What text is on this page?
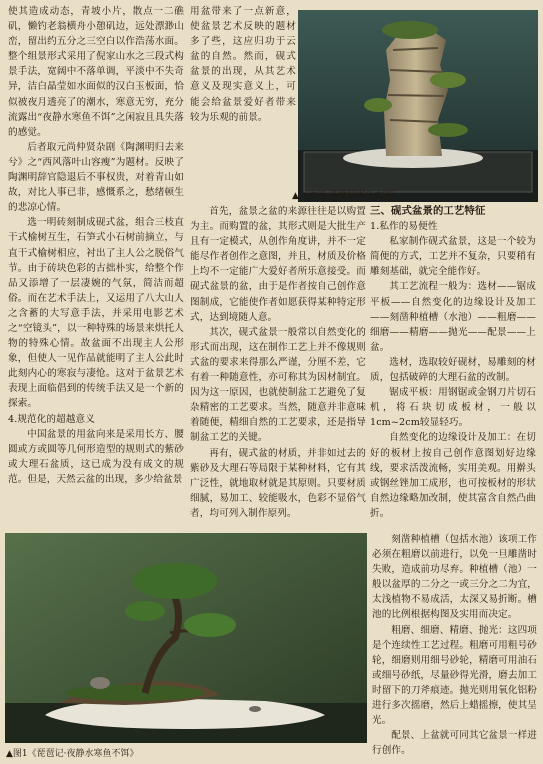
使其造成动态，青坡小片，散点一二礁矶，懒钓老翁横舟小憩矶边，远处漂渺山峦，留出约五分之三空白以作浩荡水面。整个组景形式采用了倪家山水之三段式构景手法，宽阔中不落单调，平淡中不失奇异，洁白晶莹如水面似的汉白玉板面，恰似被夜月透亮了的潮水，寒意无穷，充分流露出“夜静水寒鱼不饵”之闲寂且具失落的感觉。

后者取元尚仲贤杂剧《陶渊明归去来兮》之“西风落叶山容瘦”为题材。反映了陶渊明辞官隐退后不事权贵，对着青山如故，对比人事已非，感慨系之，愁绪顿生的悲凉心情。

选一明砖刻制成砚式盆，组合三枝直干式榆树互生，石笋式小石树前摘立，与直干式榆树相应，衬出了主人公之脱俗气节。由于砖块色彩的古拙朴实，给整个作品又添增了一层凄婉的气氛，简洁而超俗。而在艺术手法上，又运用了八大山人之含蓄的大写意手法，并采用电影艺术之“空镜头”，以一种特殊的场景来烘托人物的特殊心情。故盆面不出现主人公形象，但使人一见作品就能明了主人公此时此刻内心的寒寂与凄怆。这对于盆景艺术表现上面临倡到的传统手法又是一个新的探索。

4.规范化的超越意义

中国盆景的用盆向来是采用长方、腰圆或方或圆等几何形造型的规则式的紫砂或大理石盆质，这已成为没有成文的规范。但是，天然云盆的出现，多少给盆景

用盆带来了一点新意，使盆景艺术反映的题材多了些，这应归功于云盆的自然。然而，砚式盆景的出现，从其艺术意义及现实意义上，可能会给盆景爱好者带来较为乐观的前景。

▲《沈周·满堂烟霭坐未寒》

首先，盆景之盆的来源往往是以购置为主。而购置的盆，其形式则是大批生产且有一定模式，从创作角度讲，并不一定能尽作者创作之意图，并且，材质及价格上均不一定能广大爱好者所乐意接受。而砚式盆景的盆，由于是作者按自己创作意图制成，它能使作者如愿获得某种特定形式，达到境随人意。

其次，砚式盆景一般常以自然变化的形式而出现，这在制作工艺上并不像规则式盆的要求来得那么严谨，分厘不差，它有着一种随意性，亦可称其为因材制宜。因为这一原因，也就使制盆工艺避免了复杂精密的工艺要求。当然，随意并非意味着随便，精细自然的工艺要求，还是指导制盆工艺的关键。

再有，砚式盆的材质，并非如过去的紫砂及大理石等局限于某种材料，它有其广泛性，就地取材就是其原则。只要材质细腻，易加工、较能吸水，色彩不显俗气者，均可列入制作原列。

三、砚式盆景的工艺特征

1.私作的易便性

私家制作砚式盆景，这是一个较为简便的方式，工艺并不复杂，只要稍有雕刻基础，就完全能作好。

其工艺流程一般为：选材——锯成平板——自然变化的边缘设计及加工——刻凿种植槽（水池）——粗磨——细磨——精磨——抛光——配景——上盆。

选材，选取较好砚材，易雕刻的材质，包括破碎的大理石盆的改制。

锯成平板：用钢锯或金钢刀片切石机，将石块切成板材，一般以1cm~2cm较显轻巧。

自然变化的边缘设计及加工：在切好的板材上按自己创作意图划好边缘线，要求活泼流畅，实用美观。用擀头或钢丝锉加工成形，也可按板材的形状自然边缘略加改制，使其富含自然凸曲折。

▲图1《琵琶记·夜静水寒鱼不饵》

刻凿种植槽（包括水池）该项工作必须在粗磨以前进行，以免一旦雕凿时失败，造成前功尽弃。种植槽（池）一般以盆厚的二分之一或三分之二为宜，太浅植物不易成活，太深又易折断。槽池的比例根据构图及实用而决定。

粗磨、细磨、精磨、抛光：这四项是个连续性工艺过程。粗磨可用粗号砂轮，细磨则用细号砂轮，精磨可用油石或细号砂纸，尽量砂得光滑，磨去加工时留下的刀斧痕迹。抛光则用氧化铝粉进行多次摇磨，然后上蜡摇擦，使其呈光。

配景、上盆就可同其它盆景一样进行创作。
